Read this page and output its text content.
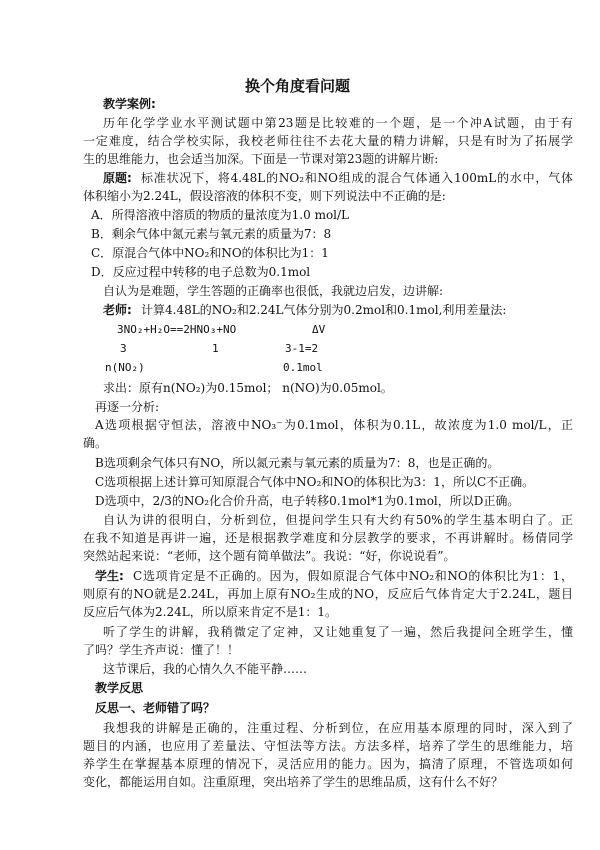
换个角度看问题
教学案例:
历年化学学业水平测试题中第23题是比较难的一个题，是一个冲A试题，由于有
一定难度，结合学校实际，我校老师往往不去花大量的精力讲解，只是有时为了拓展学
生的思维能力，也会适当加深。下面是一节课对第23题的讲解片断:
原题: 标准状况下，将4.48L的NO₂和NO组成的混合气体通入100mL的水中，气体
体积缩小为2.24L，假设溶液的体积不变，则下列说法中不正确的是:
A．所得溶液中溶质的物质的量浓度为1.0 mol/L
B．剩余气体中氮元素与氧元素的质量为7：8
C．原混合气体中NO₂和NO的体积比为1：1
D．反应过程中转移的电子总数为0.1mol
自认为是难题，学生答题的正确率也很低，我就边启发，边讲解:
老师: 计算4.48L的NO₂和2.24L气体分别为0.2mol和0.1mol,利用差量法:
3NO₂+H₂O==2HNO₃+NO	ΔV
3	1	3-1=2
n(NO₂)	0.1mol
求出：原有n(NO₂)为0.15mol； n(NO)为0.05mol。
再逐一分析:
A选项根据守恒法，溶液中NO₃⁻为0.1mol，体积为0.1L，故浓度为1.0 mol/L，正
确。
B选项剩余气体只有NO，所以氮元素与氧元素的质量为7：8，也是正确的。
C选项根据上述计算可知原混合气体中NO₂和NO的体积比为3：1，所以C不正确。
D选项中，2/3的NO₂化合价升高，电子转移0.1mol*1为0.1mol，所以D正确。
自认为讲的很明白，分析到位，但提问学生只有大约有50%的学生基本明白了。正
在我不知道是再讲一遍，还是根据教学难度和分层教学的要求，不再讲解时。杨倩同学
突然站起来说：“老师，这个题有简单做法”。我说：“好，你说说看”。
学生: C选项肯定是不正确的。因为，假如原混合气体中NO₂和NO的体积比为1：1，
则原有的NO就是2.24L，再加上原有NO₂生成的NO，反应后气体肯定大于2.24L，题目
反应后气体为2.24L，所以原来肯定不是1：1。
听了学生的讲解，我稍微定了定神，又让她重复了一遍，然后我提问全班学生，懂
了吗？学生齐声说：懂了！！
这节课后，我的心情久久不能平静……
教学反思
反思一、老师错了吗？
我想我的讲解是正确的，注重过程、分析到位，在应用基本原理的同时，深入到了
题目的内涵，也应用了差量法、守恒法等方法。方法多样，培养了学生的思维能力，培
养学生在掌握基本原理的情况下，灵活应用的能力。因为，搞清了原理，不管选项如何
变化，都能运用自如。注重原理，突出培养了学生的思维品质，这有什么不好？
